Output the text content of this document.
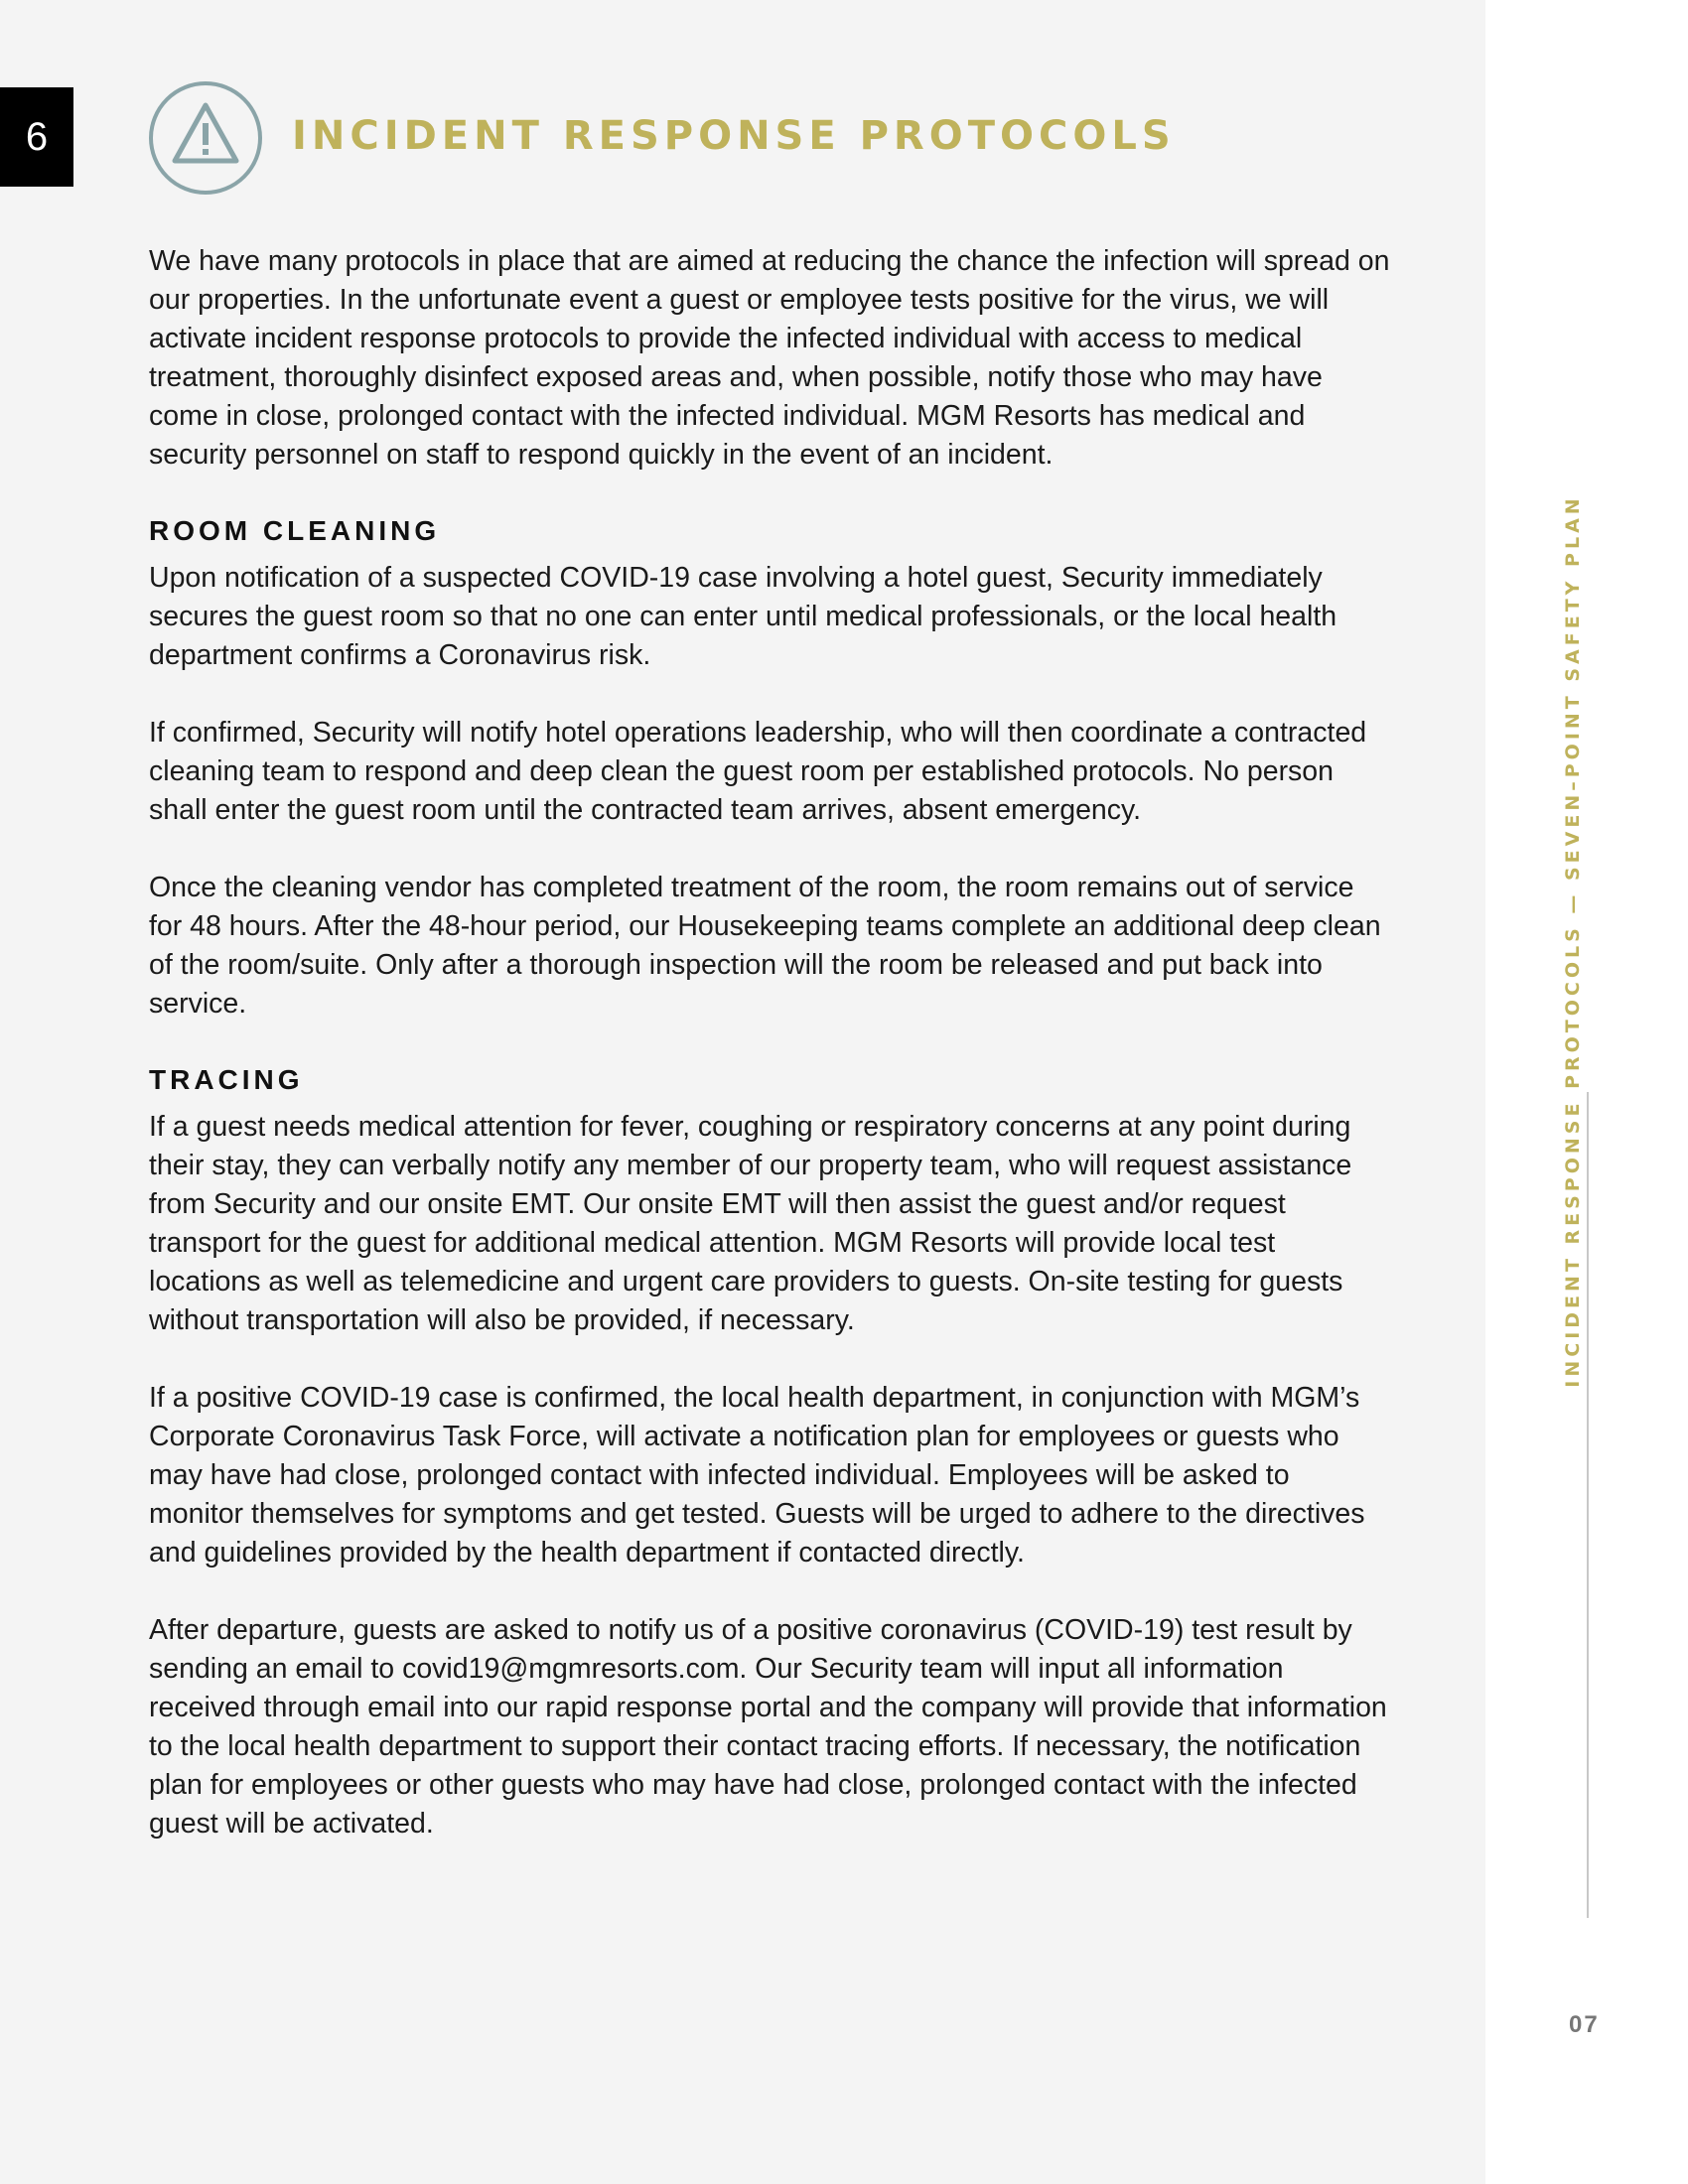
6	INCIDENT RESPONSE PROTOCOLS

We have many protocols in place that are aimed at reducing the chance the infection will spread on our properties. In the unfortunate event a guest or employee tests positive for the virus, we will activate incident response protocols to provide the infected individual with access to medical treatment, thoroughly disinfect exposed areas and, when possible, notify those who may have come in close, prolonged contact with the infected individual. MGM Resorts has medical and security personnel on staff to respond quickly in the event of an incident.

ROOM CLEANING

Upon notification of a suspected COVID-19 case involving a hotel guest, Security immediately secures the guest room so that no one can enter until medical professionals, or the local health department confirms a Coronavirus risk.

If confirmed, Security will notify hotel operations leadership, who will then coordinate a contracted cleaning team to respond and deep clean the guest room per established protocols. No person shall enter the guest room until the contracted team arrives, absent emergency.

Once the cleaning vendor has completed treatment of the room, the room remains out of service for 48 hours. After the 48-hour period, our Housekeeping teams complete an additional deep clean of the room/suite. Only after a thorough inspection will the room be released and put back into service.

TRACING

If a guest needs medical attention for fever, coughing or respiratory concerns at any point during their stay, they can verbally notify any member of our property team, who will request assistance from Security and our onsite EMT. Our onsite EMT will then assist the guest and/or request transport for the guest for additional medical attention. MGM Resorts will provide local test locations as well as telemedicine and urgent care providers to guests. On-site testing for guests without transportation will also be provided, if necessary.

If a positive COVID-19 case is confirmed, the local health department, in conjunction with MGM’s Corporate Coronavirus Task Force, will activate a notification plan for employees or guests who may have had close, prolonged contact with infected individual. Employees will be asked to monitor themselves for symptoms and get tested. Guests will be urged to adhere to the directives and guidelines provided by the health department if contacted directly.

After departure, guests are asked to notify us of a positive coronavirus (COVID-19) test result by sending an email to covid19@mgmresorts.com. Our Security team will input all information received through email into our rapid response portal and the company will provide that information to the local health department to support their contact tracing efforts. If necessary, the notification plan for employees or other guests who may have had close, prolonged contact with the infected guest will be activated.

INCIDENT RESPONSE PROTOCOLS — SEVEN–POINT SAFETY PLAN
07
